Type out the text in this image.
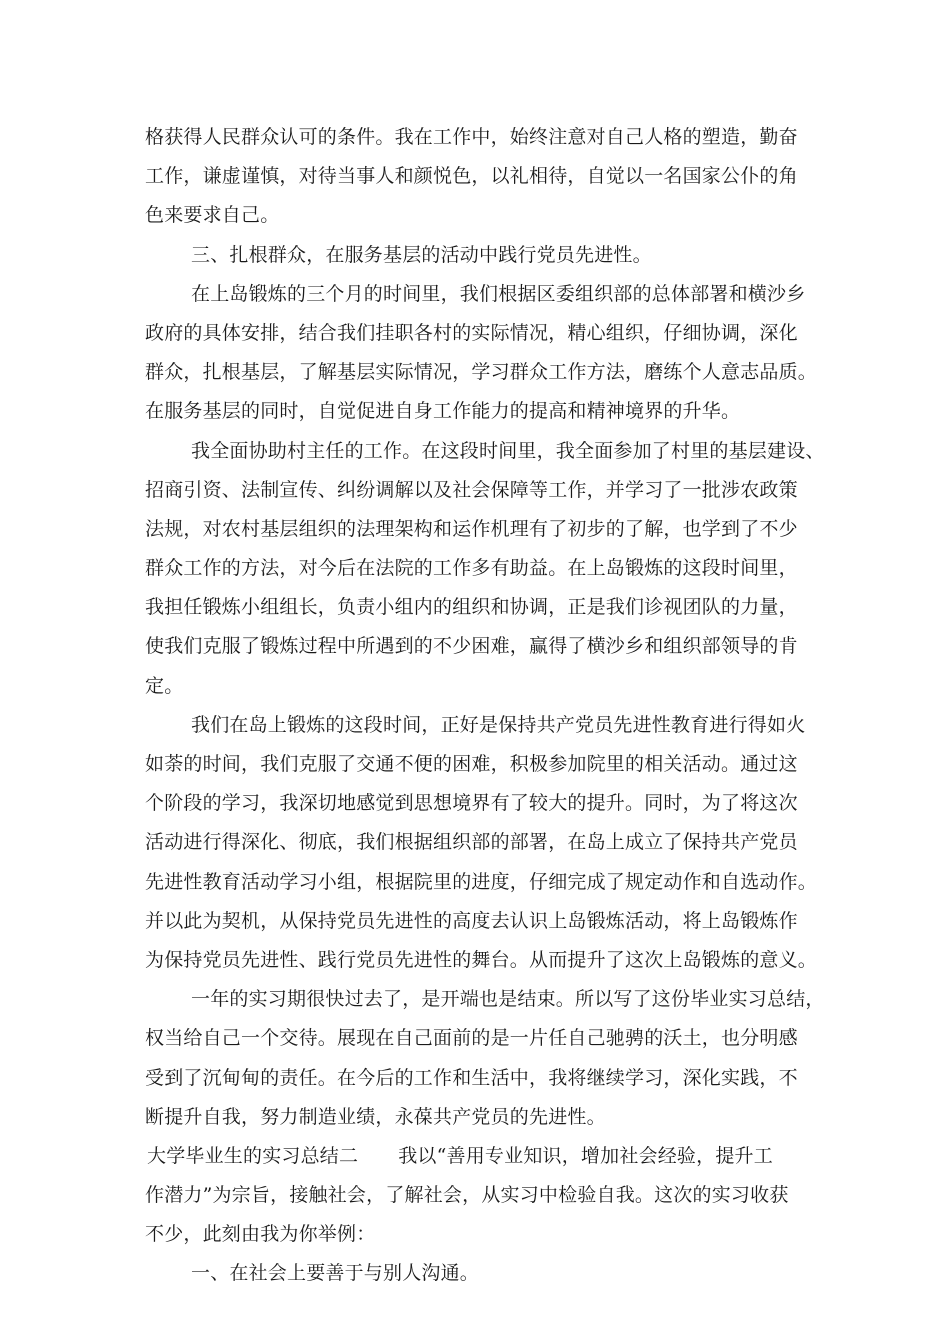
格获得人民群众认可的条件。我在工作中，始终注意对自己人格的塑造，勤奋
工作，谦虚谨慎，对待当事人和颜悦色，以礼相待，自觉以一名国家公仆的角
色来要求自己。
三、扎根群众，在服务基层的活动中践行党员先进性。
在上岛锻炼的三个月的时间里，我们根据区委组织部的总体部署和横沙乡
政府的具体安排，结合我们挂职各村的实际情况，精心组织，仔细协调，深化
群众，扎根基层，了解基层实际情况，学习群众工作方法，磨练个人意志品质。
在服务基层的同时，自觉促进自身工作能力的提高和精神境界的升华。
我全面协助村主任的工作。在这段时间里，我全面参加了村里的基层建设、
招商引资、法制宣传、纠纷调解以及社会保障等工作，并学习了一批涉农政策
法规，对农村基层组织的法理架构和运作机理有了初步的了解，也学到了不少
群众工作的方法，对今后在法院的工作多有助益。在上岛锻炼的这段时间里，
我担任锻炼小组组长，负责小组内的组织和协调，正是我们诊视团队的力量，
使我们克服了锻炼过程中所遇到的不少困难，赢得了横沙乡和组织部领导的肯
定。
我们在岛上锻炼的这段时间，正好是保持共产党员先进性教育进行得如火
如荼的时间，我们克服了交通不便的困难，积极参加院里的相关活动。通过这
个阶段的学习，我深切地感觉到思想境界有了较大的提升。同时，为了将这次
活动进行得深化、彻底，我们根据组织部的部署，在岛上成立了保持共产党员
先进性教育活动学习小组，根据院里的进度，仔细完成了规定动作和自选动作。
并以此为契机，从保持党员先进性的高度去认识上岛锻炼活动，将上岛锻炼作
为保持党员先进性、践行党员先进性的舞台。从而提升了这次上岛锻炼的意义。
一年的实习期很快过去了，是开端也是结束。所以写了这份毕业实习总结，
权当给自己一个交待。展现在自己面前的是一片任自己驰骋的沃土，也分明感
受到了沉甸甸的责任。在今后的工作和生活中，我将继续学习，深化实践，不
断提升自我，努力制造业绩，永葆共产党员的先进性。
大学毕业生的实习总结二 我以“善用专业知识，增加社会经验，提升工
作潜力”为宗旨，接触社会，了解社会，从实习中检验自我。这次的实习收获
不少，此刻由我为你举例：
一、在社会上要善于与别人沟通。
